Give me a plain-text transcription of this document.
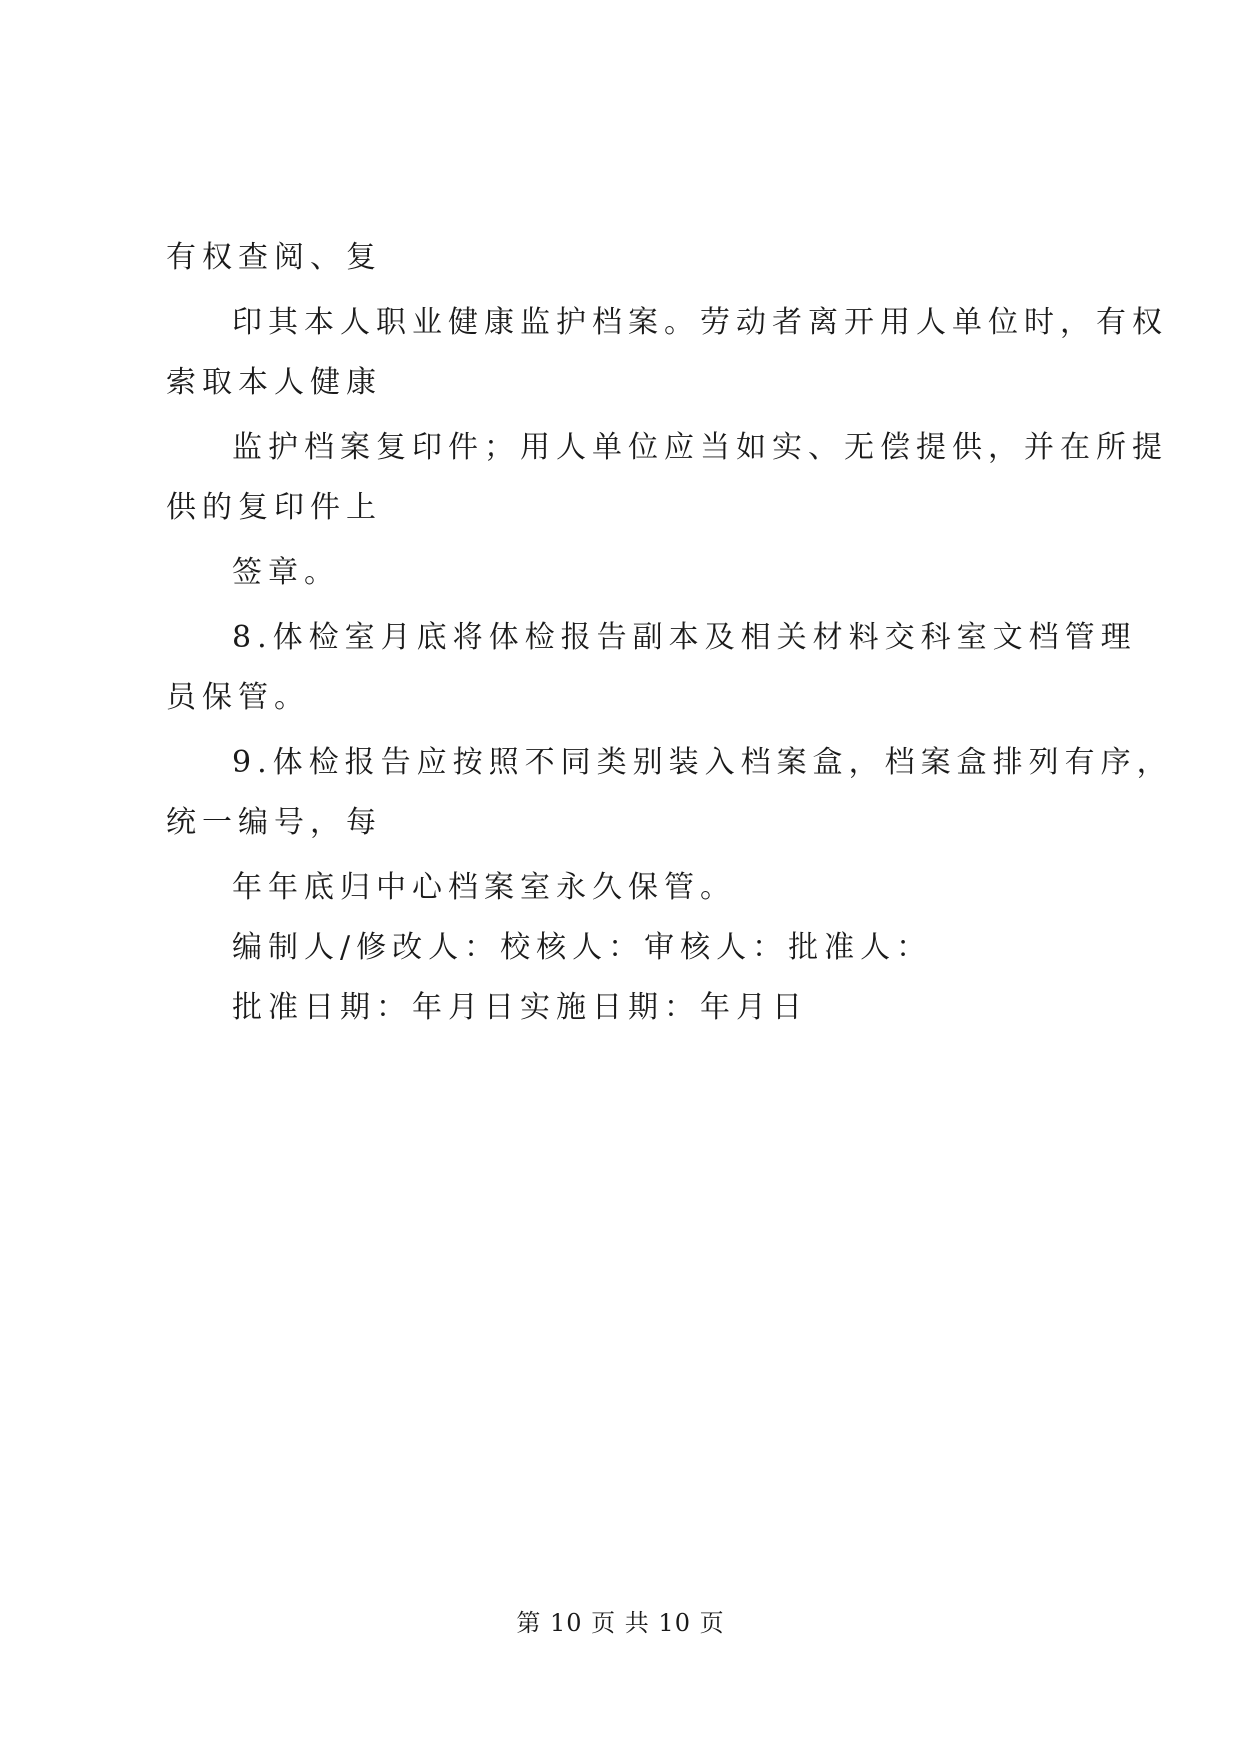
有权查阅、复
印其本人职业健康监护档案。劳动者离开用人单位时，有权
索取本人健康
监护档案复印件；用人单位应当如实、无偿提供，并在所提
供的复印件上
签章。
8.体检室月底将体检报告副本及相关材料交科室文档管理
员保管。
9.体检报告应按照不同类别装入档案盒，档案盒排列有序，
统一编号，每
年年底归中心档案室永久保管。
编制人/修改人：校核人：审核人：批准人：
批准日期：年月日实施日期：年月日
第 10 页 共 10 页
